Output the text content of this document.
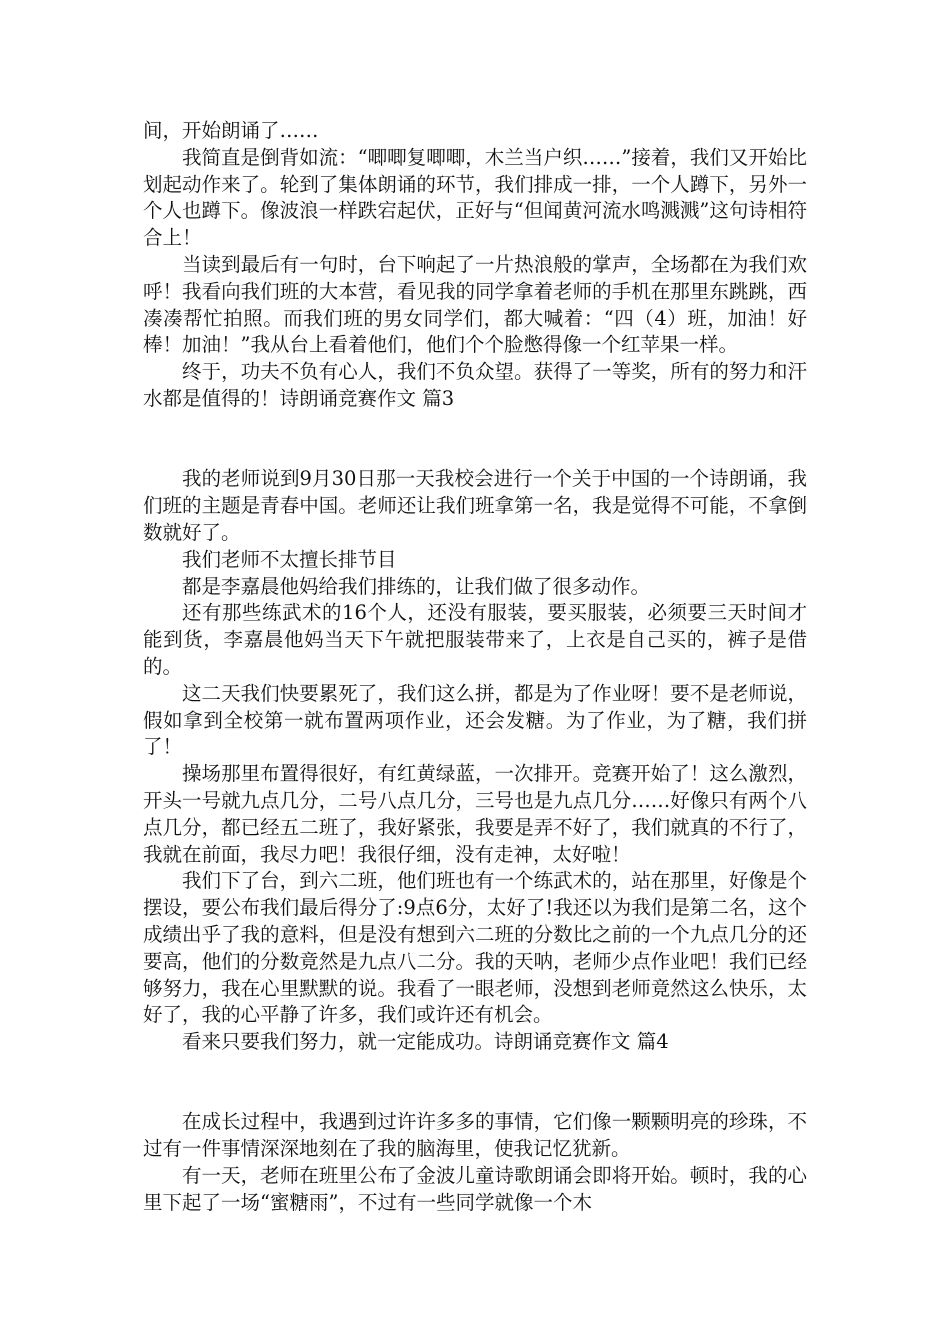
间，开始朗诵了……

我简直是倒背如流：“唧唧复唧唧，木兰当户织……”接着，我们又开始比划起动作来了。轮到了集体朗诵的环节，我们排成一排，一个人蹲下，另外一个人也蹲下。像波浪一样跌宕起伏，正好与“但闻黄河流水鸣溅溅”这句诗相符合上！

当读到最后有一句时，台下响起了一片热浪般的掌声，全场都在为我们欢呼！我看向我们班的大本营，看见我的同学拿着老师的手机在那里东跳跳，西凑凑帮忙拍照。而我们班的男女同学们，都大喊着：“四（4）班，加油！好棒！加油！”我从台上看着他们，他们个个脸憋得像一个红苹果一样。

终于，功夫不负有心人，我们不负众望。获得了一等奖，所有的努力和汗水都是值得的！诗朗诵竞赛作文 篇3

我的老师说到9月30日那一天我校会进行一个关于中国的一个诗朗诵，我们班的主题是青春中国。老师还让我们班拿第一名，我是觉得不可能，不拿倒数就好了。

我们老师不太擅长排节目

都是李嘉晨他妈给我们排练的，让我们做了很多动作。

还有那些练武术的16个人，还没有服装，要买服装，必须要三天时间才能到货，李嘉晨他妈当天下午就把服装带来了，上衣是自己买的，裤子是借的。

这二天我们快要累死了，我们这么拼，都是为了作业呀！要不是老师说，假如拿到全校第一就布置两项作业，还会发糖。为了作业，为了糖，我们拼了！

操场那里布置得很好，有红黄绿蓝，一次排开。竞赛开始了！这么激烈，开头一号就九点几分，二号八点几分，三号也是九点几分……好像只有两个八点几分，都已经五二班了，我好紧张，我要是弄不好了，我们就真的不行了，我就在前面，我尽力吧！我很仔细，没有走神，太好啦！

我们下了台，到六二班，他们班也有一个练武术的，站在那里，好像是个摆设，要公布我们最后得分了:9点6分，太好了!我还以为我们是第二名，这个成绩出乎了我的意料，但是没有想到六二班的分数比之前的一个九点几分的还要高，他们的分数竟然是九点八二分。我的天呐，老师少点作业吧！我们已经够努力，我在心里默默的说。我看了一眼老师，没想到老师竟然这么快乐，太好了，我的心平静了许多，我们或许还有机会。

看来只要我们努力，就一定能成功。诗朗诵竞赛作文 篇4

在成长过程中，我遇到过许许多多的事情，它们像一颗颗明亮的珍珠，不过有一件事情深深地刻在了我的脑海里，使我记忆犹新。

有一天，老师在班里公布了金波儿童诗歌朗诵会即将开始。顿时，我的心里下起了一场“蜜糖雨”，不过有一些同学就像一个木
